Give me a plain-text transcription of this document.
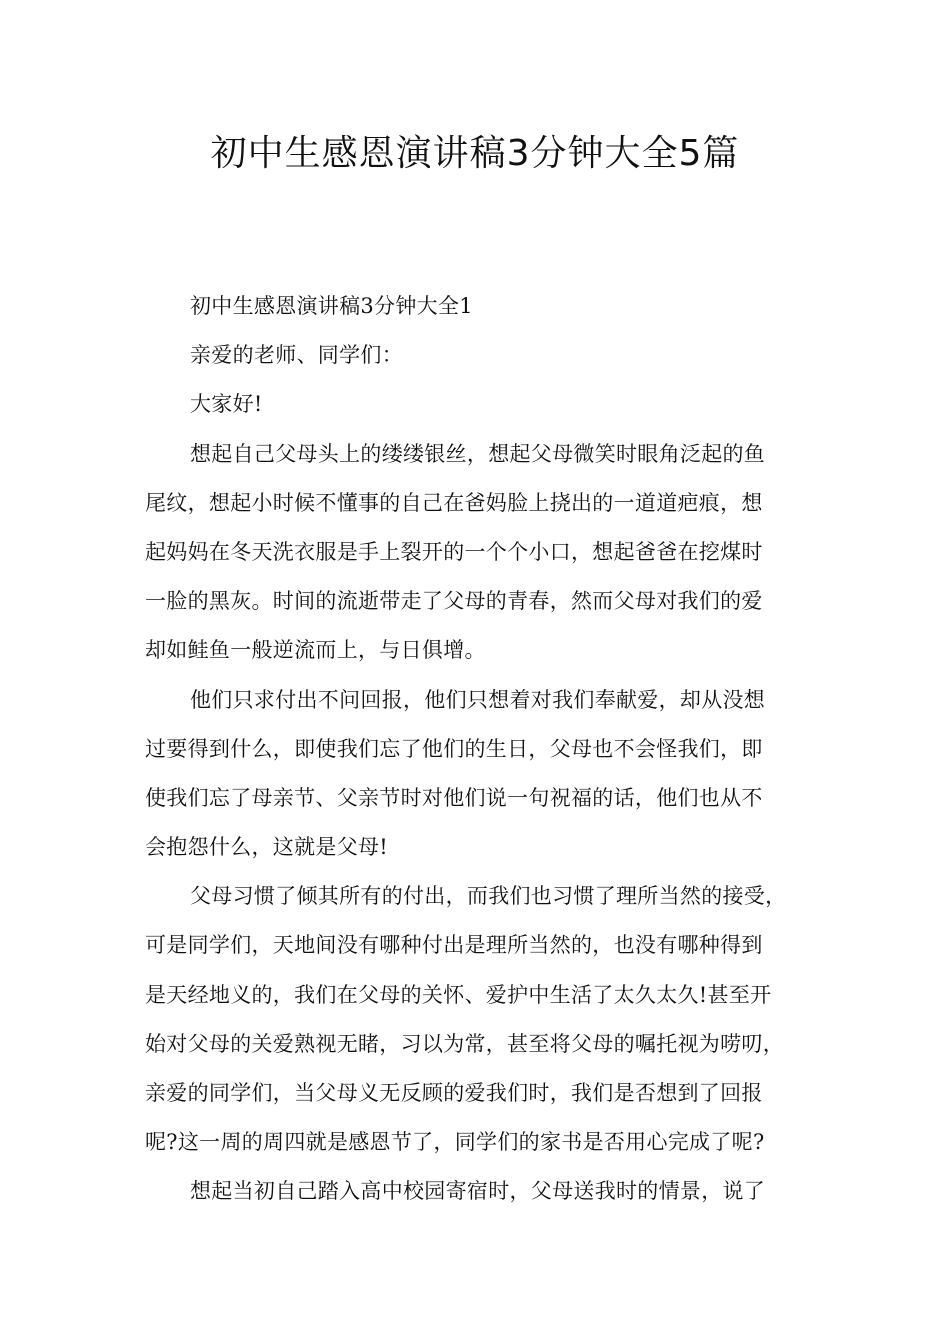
初中生感恩演讲稿3分钟大全5篇
初中生感恩演讲稿3分钟大全1
亲爱的老师、同学们：
大家好!
想起自己父母头上的缕缕银丝，想起父母微笑时眼角泛起的鱼
尾纹，想起小时候不懂事的自己在爸妈脸上挠出的一道道疤痕，想
起妈妈在冬天洗衣服是手上裂开的一个个小口，想起爸爸在挖煤时
一脸的黑灰。时间的流逝带走了父母的青春，然而父母对我们的爱
却如鲑鱼一般逆流而上，与日俱增。
他们只求付出不问回报，他们只想着对我们奉献爱，却从没想
过要得到什么，即使我们忘了他们的生日，父母也不会怪我们，即
使我们忘了母亲节、父亲节时对他们说一句祝福的话，他们也从不
会抱怨什么，这就是父母!
父母习惯了倾其所有的付出，而我们也习惯了理所当然的接受，
可是同学们，天地间没有哪种付出是理所当然的，也没有哪种得到
是天经地义的，我们在父母的关怀、爱护中生活了太久太久!甚至开
始对父母的关爱熟视无睹，习以为常，甚至将父母的嘱托视为唠叨，
亲爱的同学们，当父母义无反顾的爱我们时，我们是否想到了回报
呢?这一周的周四就是感恩节了，同学们的家书是否用心完成了呢?
想起当初自己踏入高中校园寄宿时，父母送我时的情景，说了
